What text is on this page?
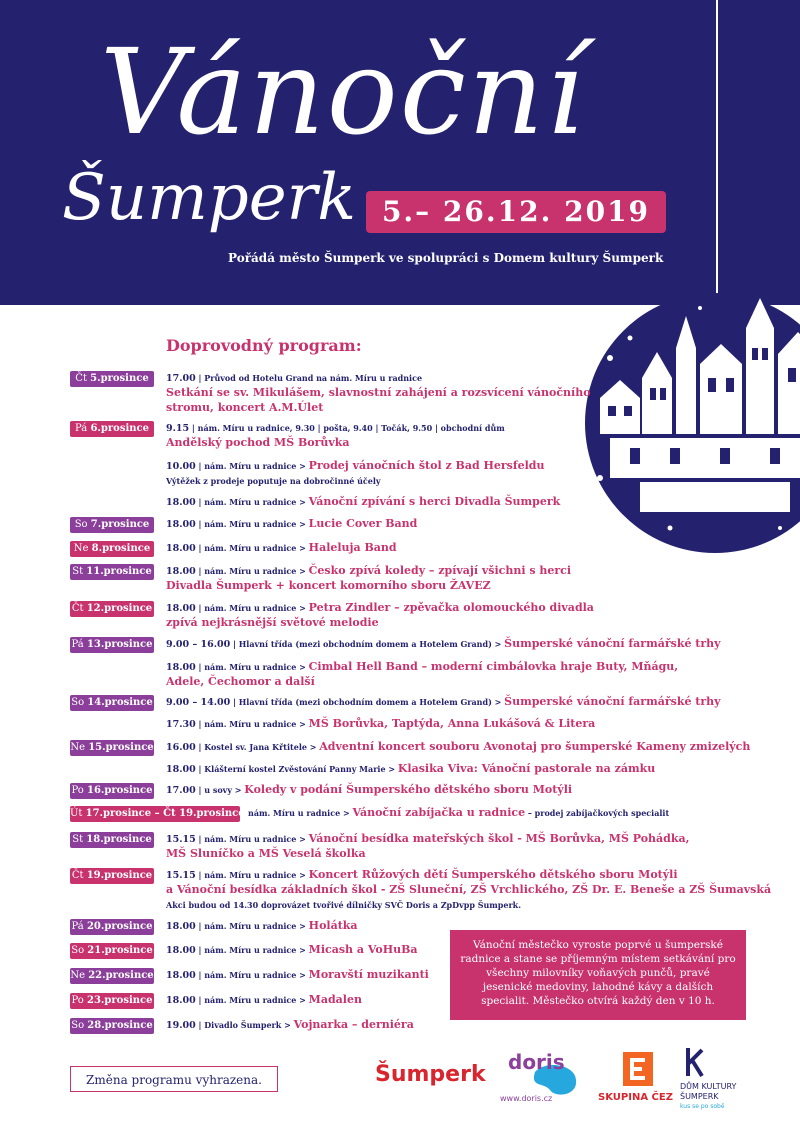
Vánoční
Šumperk 5.– 26.12. 2019
Pořádá město Šumperk ve spolupráci s Domem kultury Šumperk
Doprovodný program:
Čt 5.prosince	17.00 | Průvod od Hotelu Grand na nám. Míru u radnice
Setkání se sv. Mikulášem, slavnostní zahájení a rozsvícení vánočního
stromu, koncert A.M.Úlet
Pá 6.prosince	9.15 | nám. Míru u radnice, 9.30 | pošta, 9.40 | Točák, 9.50 | obchodní dům
Andělský pochod MŠ Borůvka
10.00 | nám. Míru u radnice > Prodej vánočních štol z Bad Hersfeldu
Výtěžek z prodeje poputuje na dobročinné účely
18.00 | nám. Míru u radnice > Vánoční zpívání s herci Divadla Šumperk
So 7.prosince	18.00 | nám. Míru u radnice > Lucie Cover Band
Ne 8.prosince	18.00 | nám. Míru u radnice > Haleluja Band
St 11.prosince 18.00 | nám. Míru u radnice > Česko zpívá koledy – zpívají všichni s herci
Divadla Šumperk + koncert komorního sboru ŽAVEZ
Čt 12.prosince 18.00 | nám. Míru u radnice > Petra Zindler – zpěvačka olomouckého divadla
zpívá nejkrásnější světové melodie
Pá 13.prosince 9.00 – 16.00 | Hlavní třída (mezi obchodním domem a Hotelem Grand) > Šumperské vánoční farmářské trhy
18.00 | nám. Míru u radnice > Cimbal Hell Band – moderní cimbálovka hraje Buty, Mňágu,
Adele, Čechomor a další
So 14.prosince 9.00 – 14.00 | Hlavní třída (mezi obchodním domem a Hotelem Grand) > Šumperské vánoční farmářské trhy
17.30 | nám. Míru u radnice > MŠ Borůvka, Taptýda, Anna Lukášová & Litera
Ne 15.prosince 16.00 | Kostel sv. Jana Křtitele > Adventní koncert souboru Avonotaj pro šumperské Kameny zmizelých
18.00 | Klášterní kostel Zvěstování Panny Marie > Klasika Viva: Vánoční pastorale na zámku
Po 16.prosince 17.00 | u sovy > Koledy v podání Šumperského dětského sboru Motýli
Út 17.prosince – Čt 19.prosince nám. Míru u radnice > Vánoční zabíjačka u radnice – prodej zabíjačkových specialit
St 18.prosince 15.15 | nám. Míru u radnice > Vánoční besídka mateřských škol - MŠ Borůvka, MŠ Pohádka,
MŠ Sluníčko a MŠ Veselá školka
Čt 19.prosince 15.15 | nám. Míru u radnice > Koncert Růžových dětí Šumperského dětského sboru Motýli
a Vánoční besídka základních škol - ZŠ Sluneční, ZŠ Vrchlického, ZŠ Dr. E. Beneše a ZŠ Šumavská
Akci budou od 14.30 doprovázet tvořivé dílničky SVČ Doris a ZpDvpp Šumperk.
Pá 20.prosince 18.00 | nám. Míru u radnice > Holátka
So 21.prosince 18.00 | nám. Míru u radnice > Micash a VoHuBa
Ne 22.prosince 18.00 | nám. Míru u radnice > Moravští muzikanti
Po 23.prosince 18.00 | nám. Míru u radnice > Madalen
So 28.prosince 19.00 | Divadlo Šumperk > Vojnarka – derniéra
Vánoční městečko vyroste poprvé u šumperské radnice a stane se příjemným místem setkávání pro všechny milovníky voňavých punčů, pravé jesenické medoviny, lahodné kávy a dalších specialit. Městečko otvírá každý den v 10 h.
Změna programu vyhrazena.	Šumperk doris
www.doris.cz	SKUPINA ČEZ
DŮM KULTURY
ŠUMPERK
kus se po sobě
